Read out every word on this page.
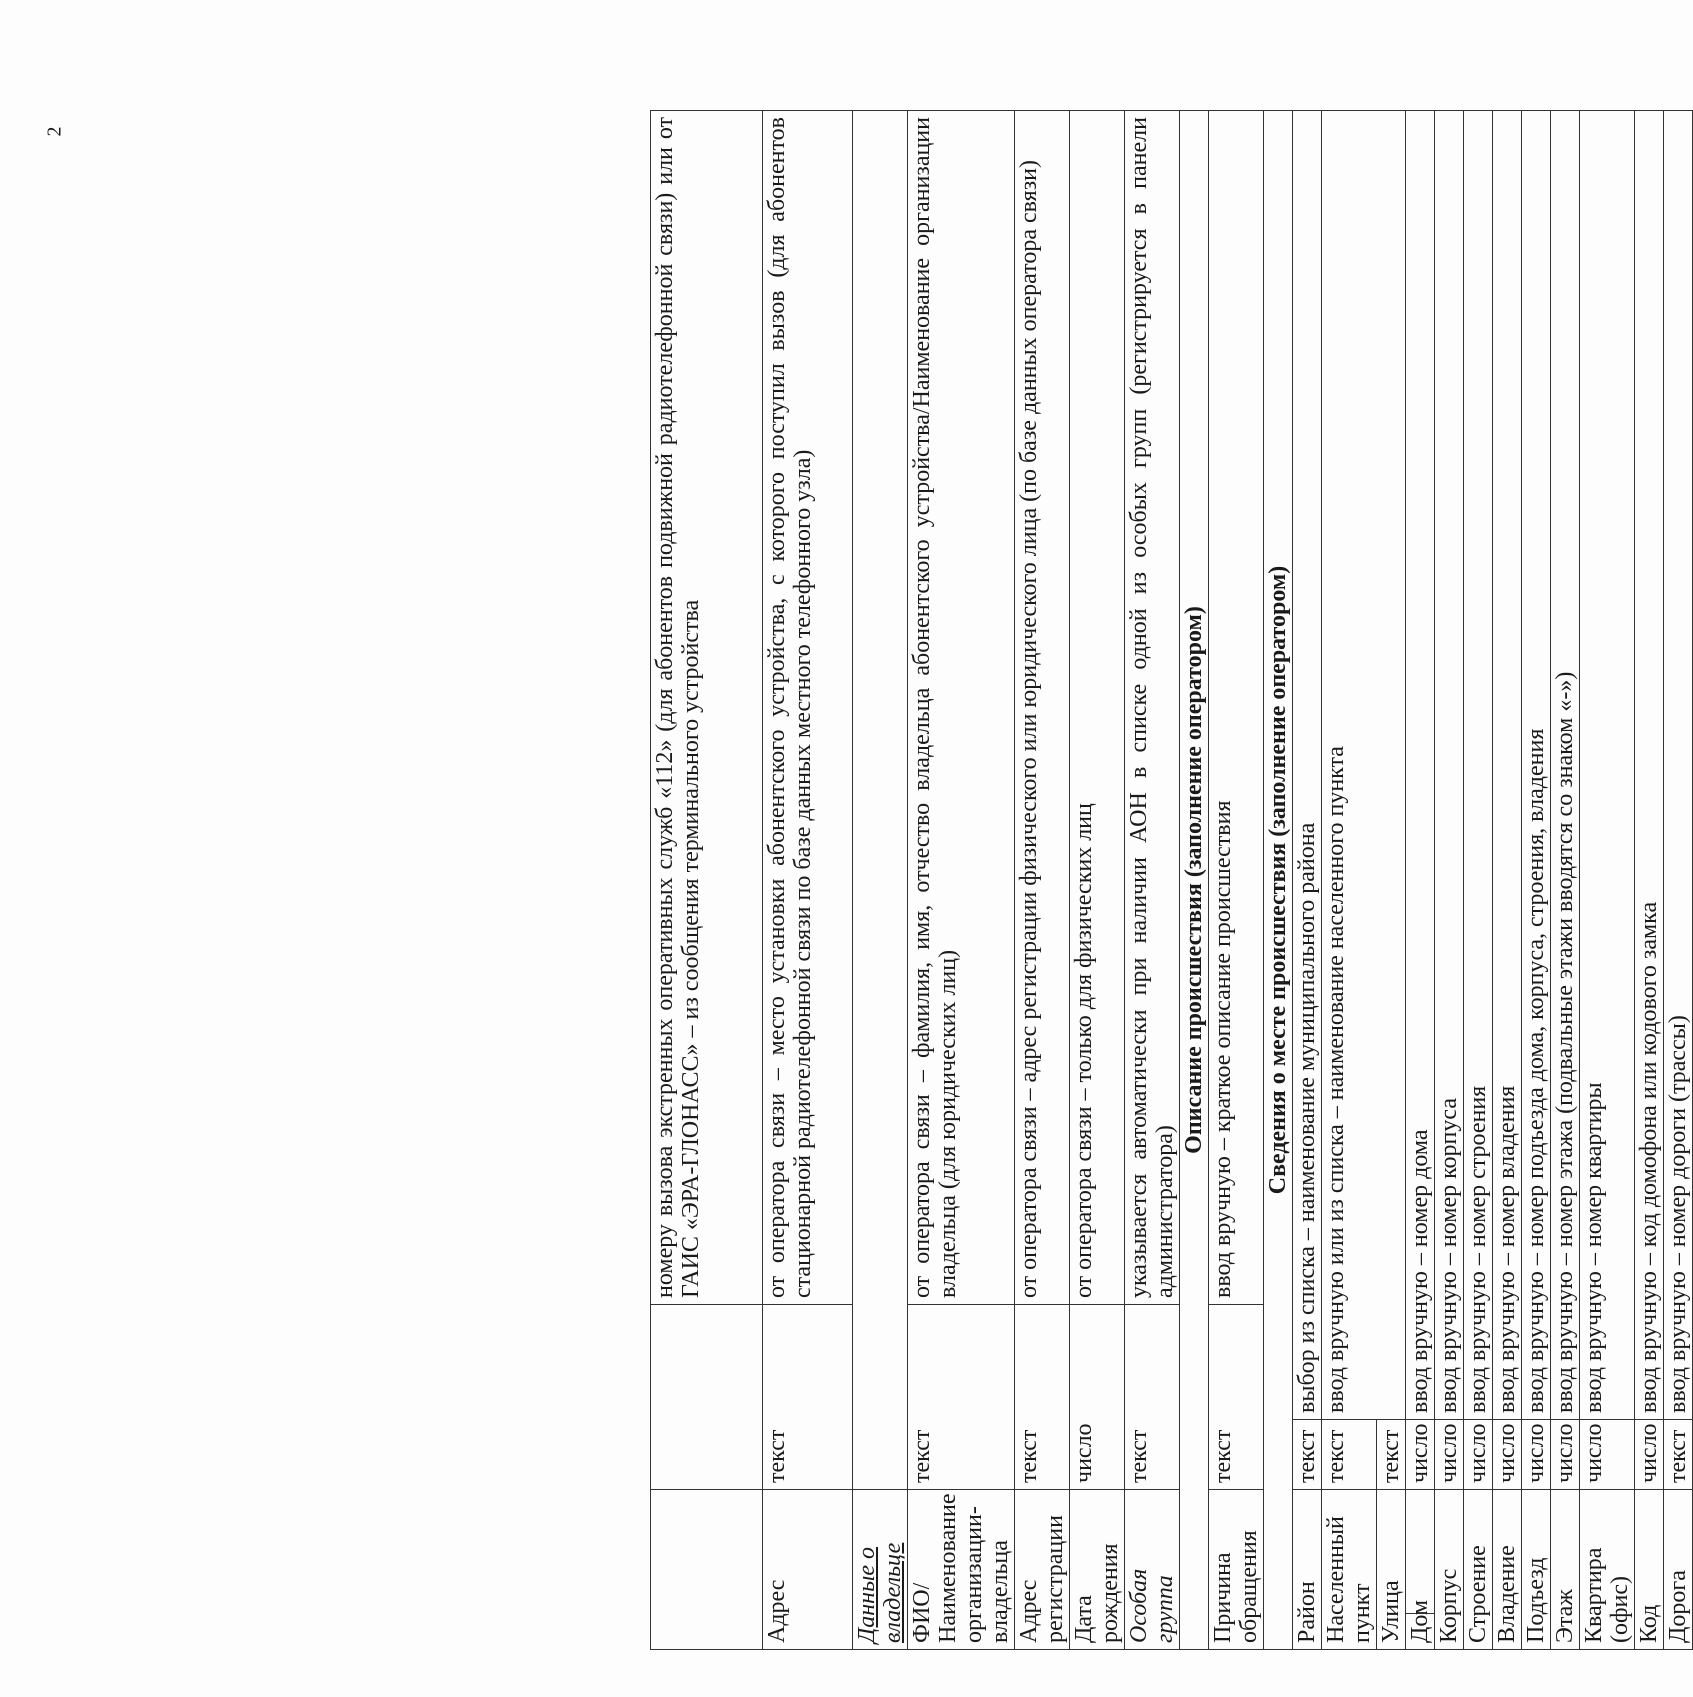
2
				номеру вызова экстренных оперативных служб «112» (для абонентов подвижной радиотелефонной связи) или от ГАИС «ЭРА-ГЛОНАСС» – из сообщения терминального устройства
Адрес		текст		от оператора связи – место установки абонентского устройства, с которого поступил вызов (для абонентов стационарной радиотелефонной связи по базе данных местного телефонного узла)
Данные о владельце				
ФИО/Наименование организации-владельца		текст		от оператора связи – фамилия, имя, отчество владельца абонентского устройства/Наименование организации владельца (для юридических лиц)
Адрес регистрации		текст		от оператора связи – адрес регистрации физического или юридического лица (по базе данных оператора связи)
Дата рождения		число		от оператора связи – только для физических лиц
Особая группа		текст		указывается автоматически при наличии АОН в списке одной из особых групп (регистрируется в панели администратора)
Описание происшествия (заполнение оператором)				
Причина обращения		текст		ввод вручную – краткое описание происшествия
Сведения о месте происшествия (заполнение оператором)				
Район		текст	выбор из списка – наименование муниципального района	
Населенный пункт		текст	ввод вручную или из списка – наименование населенного пункта	
Улица		текст		
Дом		число	ввод вручную – номер дома	
Корпус		число	ввод вручную – номер корпуса	
Строение		число	ввод вручную – номер строения	
Владение		число	ввод вручную – номер владения	
Подъезд		число	ввод вручную – номер подъезда дома, корпуса, строения, владения	
Этаж		число	ввод вручную – номер этажа (подвальные этажи вводятся со знаком «-»)	
Квартира (офис)		число	ввод вручную – номер квартиры	
Код		число	ввод вручную – код домофона или кодового замка	
Дорога		текст	ввод вручную – номер дороги (трассы)	
